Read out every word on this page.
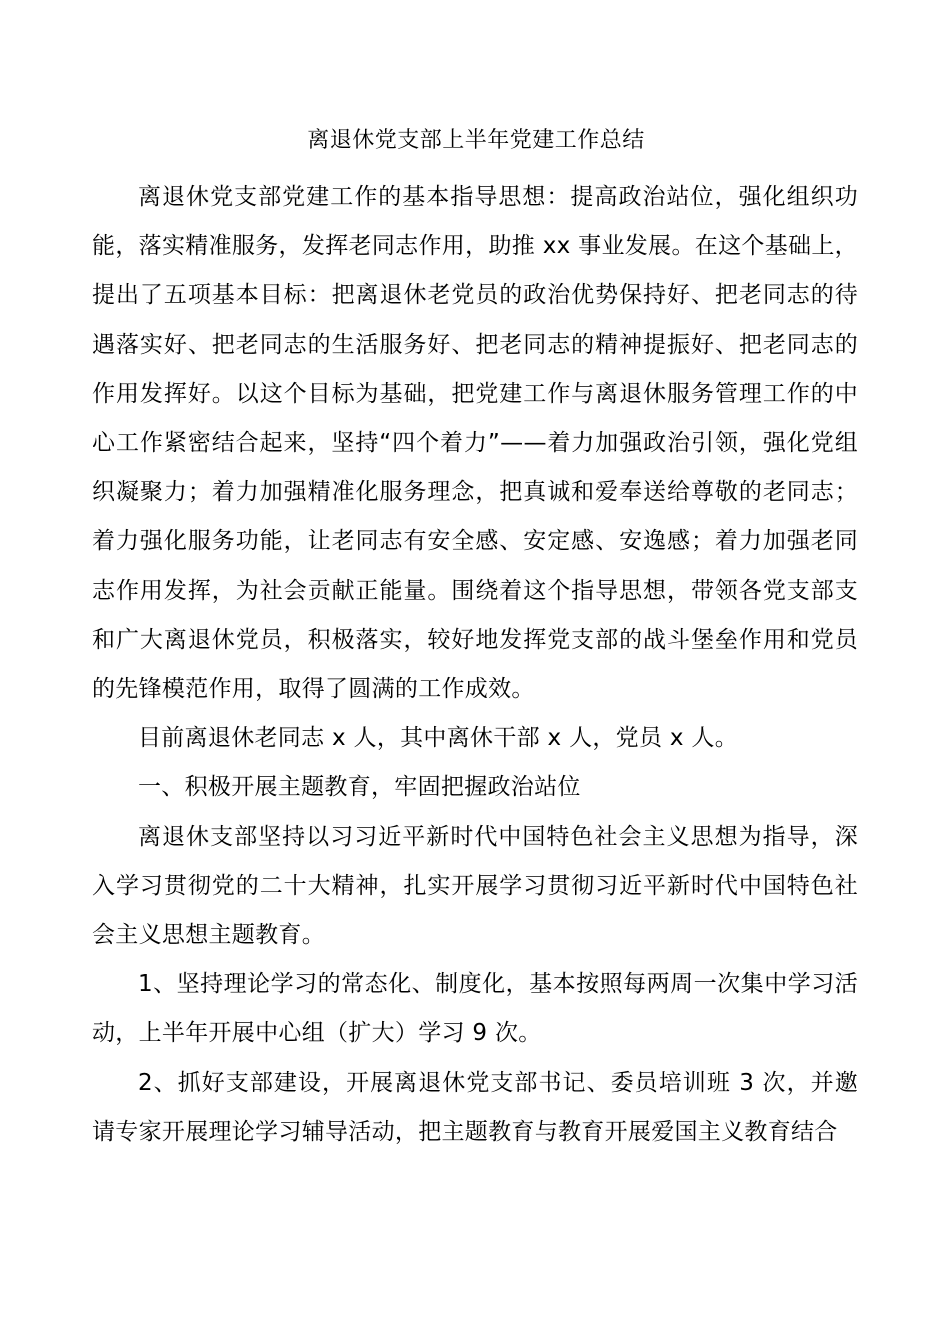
离退休党支部上半年党建工作总结

离退休党支部党建工作的基本指导思想：提高政治站位，强化组织功能，落实精准服务，发挥老同志作用，助推 xx 事业发展。在这个基础上，提出了五项基本目标：把离退休老党员的政治优势保持好、把老同志的待遇落实好、把老同志的生活服务好、把老同志的精神提振好、把老同志的作用发挥好。以这个目标为基础，把党建工作与离退休服务管理工作的中心工作紧密结合起来，坚持“四个着力”——着力加强政治引领，强化党组织凝聚力；着力加强精准化服务理念，把真诚和爱奉送给尊敬的老同志；着力强化服务功能，让老同志有安全感、安定感、安逸感；着力加强老同志作用发挥，为社会贡献正能量。围绕着这个指导思想，带领各党支部支和广大离退休党员，积极落实，较好地发挥党支部的战斗堡垒作用和党员的先锋模范作用，取得了圆满的工作成效。

目前离退休老同志 x 人，其中离休干部 x 人，党员 x 人。

一、积极开展主题教育，牢固把握政治站位

离退休支部坚持以习习近平新时代中国特色社会主义思想为指导，深入学习贯彻党的二十大精神，扎实开展学习贯彻习近平新时代中国特色社会主义思想主题教育。

1、坚持理论学习的常态化、制度化，基本按照每两周一次集中学习活动，上半年开展中心组（扩大）学习 9 次。

2、抓好支部建设，开展离退休党支部书记、委员培训班 3 次，并邀请专家开展理论学习辅导活动，把主题教育与教育开展爱国主义教育结合
